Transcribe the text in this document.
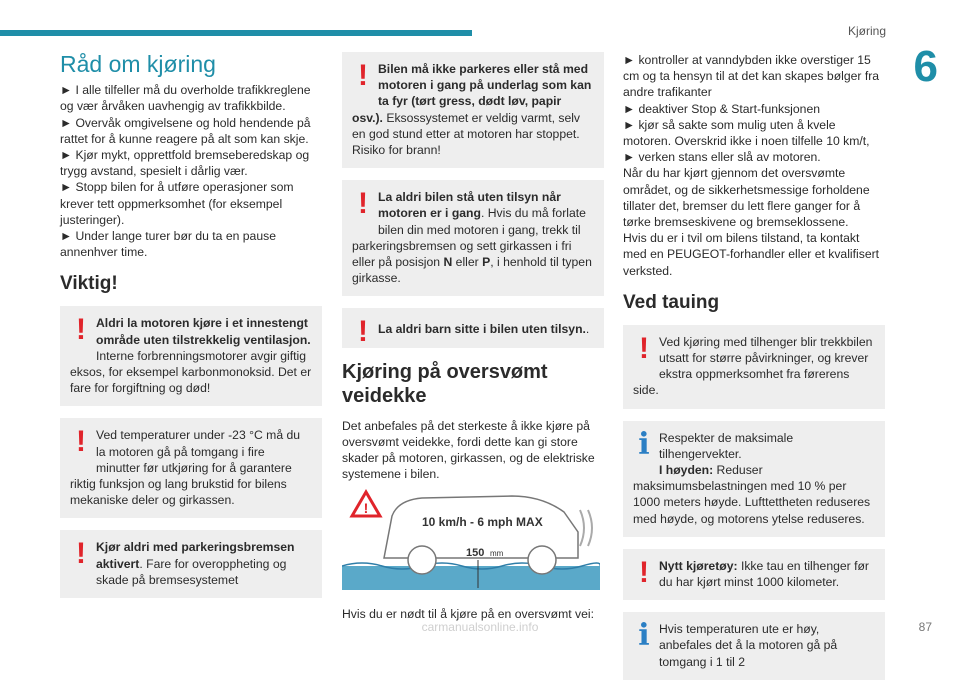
Kjøring
6
Råd om kjøring

► I alle tilfeller må du overholde trafikkreglene og vær årvåken uavhengig av trafikkbilde.

► Overvåk omgivelsene og hold hendende på rattet for å kunne reagere på alt som kan skje.

► Kjør mykt, opprettfold bremseberedskap og trygg avstand, spesielt i dårlig vær.

► Stopp bilen for å utføre operasjoner som krever tett oppmerksomhet (for eksempel justeringer).

► Under lange turer bør du ta en pause annenhver time.

Viktig!
! Aldri la motoren kjøre i et innestengt område uten tilstrekkelig ventilasjon. Interne forbrenningsmotorer avgir giftig eksos, for eksempel karbonmonoksid. Det er fare for forgiftning og død!

! Ved temperaturer under -23 °C må du la motoren gå på tomgang i fire minutter før utkjøring for å garantere riktig funksjon og lang brukstid for bilens mekaniske deler og girkassen.

! Kjør aldri med parkeringsbremsen aktivert. Fare for overoppheting og skade på bremsesystemet

! Bilen må ikke parkeres eller stå med motoren i gang på underlag som kan ta fyr (tørt gress, dødt løv, papir osv.). Eksossystemet er veldig varmt, selv en god stund etter at motoren har stoppet. Risiko for brann!

! La aldri bilen stå uten tilsyn når motoren er i gang. Hvis du må forlate bilen din med motoren i gang, trekk til parkeringsbremsen og sett girkassen i fri eller på posisjon N eller P, i henhold til typen girkasse.

! La aldri barn sitte i bilen uten tilsyn..

Kjøring på oversvømt veidekke

Det anbefales på det sterkeste å ikke kjøre på oversvømt veidekke, fordi dette kan gi store skader på motoren, girkassen, og de elektriske systemene i bilen.

!
10 km/h - 6 mph MAX
150 mm

Hvis du er nødt til å kjøre på en oversvømt vei:

► kontroller at vanndybden ikke overstiger 15 cm og ta hensyn til at det kan skapes bølger fra andre trafikanter
► deaktiver Stop & Start-funksjonen
► kjør så sakte som mulig uten å kvele motoren. Overskrid ikke i noen tilfelle 10 km/t,
► verken stans eller slå av motoren.
Når du har kjørt gjennom det oversvømte området, og de sikkerhetsmessige forholdene tillater det, bremser du lett flere ganger for å tørke bremseskivene og bremseklossene.
Hvis du er i tvil om bilens tilstand, ta kontakt med en PEUGEOT-forhandler eller et kvalifisert verksted.

Ved tauing
! Ved kjøring med tilhenger blir trekkbilen utsatt for større påvirkninger, og krever ekstra oppmerksomhet fra førerens side.

i Respekter de maksimale tilhengervekter.
I høyden: Reduser maksimumsbelastningen med 10 % per 1000 meters høyde. Lufttettheten reduseres med høyde, og motorens ytelse reduseres.

! Nytt kjøretøy: Ikke tau en tilhenger før du har kjørt minst 1000 kilometer.

i Hvis temperaturen ute er høy, anbefales det å la motoren gå på tomgang i 1 til 2

carmanualsonline.info	87
